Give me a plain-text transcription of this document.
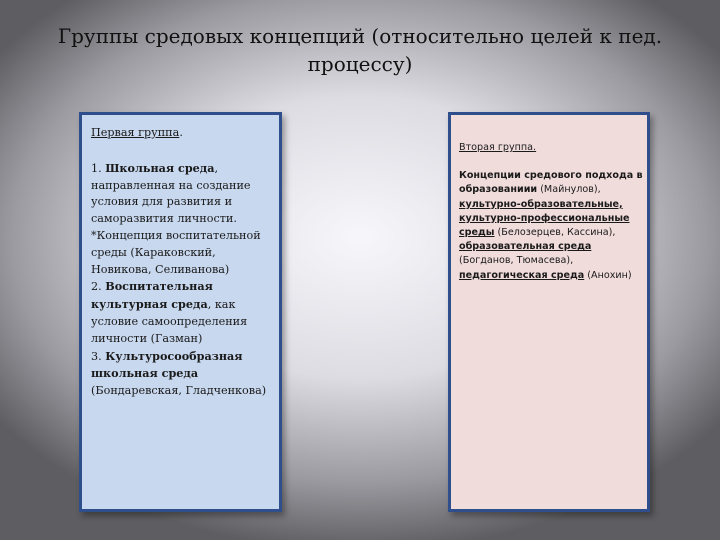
Группы средовых концепций (относительно целей к пед. процессу)
Первая группа.

1. Школьная среда, направленная на создание условия для развития и саморазвития личности.

*Концепция воспитательной среды (Караковский, Новикова, Селиванова)

2. Воспитательная культурная среда, как условие самоопределения личности (Газман)

3. Культуросообразная школьная среда (Бондаревская, Гладченкова)

Вторая группа.

Концепции средового подхода в образованиии (Майнулов), культурно-образовательные, культурно-профессиональные среды (Белозерцев, Кассина), образовательная среда (Богданов, Тюмасева), педагогическая среда (Анохин)
